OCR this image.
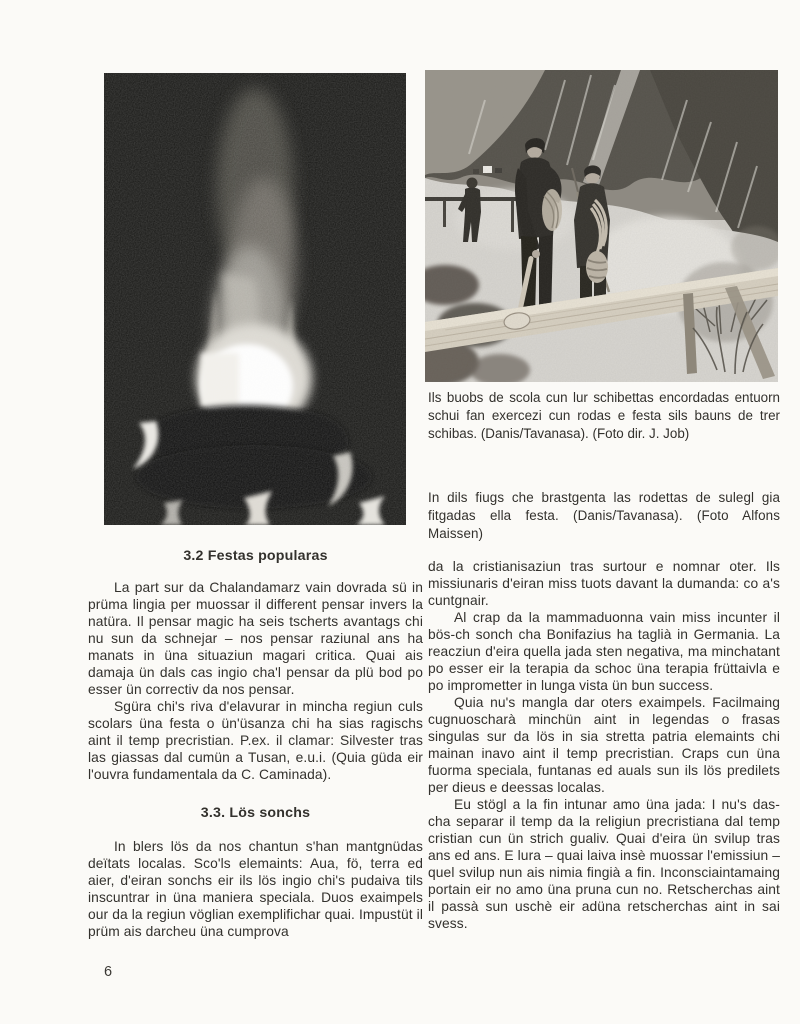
Ils buobs de scola cun lur schibettas encordadas entuorn schui fan exercezi cun rodas e festa sils bauns de trer schibas. (Danis/Tavanasa). (Foto dir. J. Job)
3.2 Festas popularas

La part sur da Chalandamarz vain dovrada sü in prüma lingia per muossar il different pensar invers la natüra. Il pensar magic ha seis tscherts avantags chi nu sun da schnejar – nos pensar raziunal ans ha manats in üna situaziun magari critica. Quai ais damaja ün dals cas ingio cha'l pensar da plü bod po esser ün correctiv da nos pensar.

Sgüra chi's riva d'elavurar in mincha regiun culs scolars üna festa o ün'üsanza chi ha sias ragischs aint il temp precristian. P.ex. il clamar: Silvester tras las giassas dal cumün a Tusan, e.u.i. (Quia güda eir l'ouvra fundamentala da C. Caminada).

3.3. Lös sonchs

In blers lös da nos chantun s'han mantgnüdas deïtats localas. Sco'ls elemaints: Aua, fö, terra ed aier, d'eiran sonchs eir ils lös ingio chi's pudaiva tils inscuntrar in üna maniera speciala. Duos exaimpels our da la regiun vöglian exemplifichar quai. Impustüt il prüm ais darcheu üna cumprova

In dils fiugs che brastgenta las rodettas de sulegl gia fitgadas ella festa. (Danis/Tavanasa). (Foto Alfons Maissen)

da la cristianisaziun tras surtour e nomnar oter. Ils missiunaris d'eiran miss tuots davant la dumanda: co a's cuntgnair.

Al crap da la mammaduonna vain miss incunter il bös-ch sonch cha Bonifazius ha taglià in Germania. La reacziun d'eira quella jada sten negativa, ma minchatant po esser eir la terapia da schoc üna terapia früttaivla e po imprometter in lunga vista ün bun success.

Quia nu's mangla dar oters exaimpels. Facilmaing cugnuoscharà minchün aint in legendas o frasas singulas sur da lös in sia stretta patria elemaints chi mainan inavo aint il temp precristian. Craps cun üna fuorma speciala, funtanas ed auals sun ils lös predilets per dieus e deessas localas.

Eu stögl a la fin intunar amo üna jada: I nu's das-cha separar il temp da la religiun precristiana dal temp cristian cun ün strich gualiv. Quai d'eira ün svilup tras ans ed ans. E lura – quai laiva insè muossar l'emissiun – quel svilup nun ais nimia fingià a fin. Inconsciaintamaing portain eir no amo üna pruna cun no. Retscherchas aint il passà sun uschè eir adüna retscherchas aint in sai svess.

6
